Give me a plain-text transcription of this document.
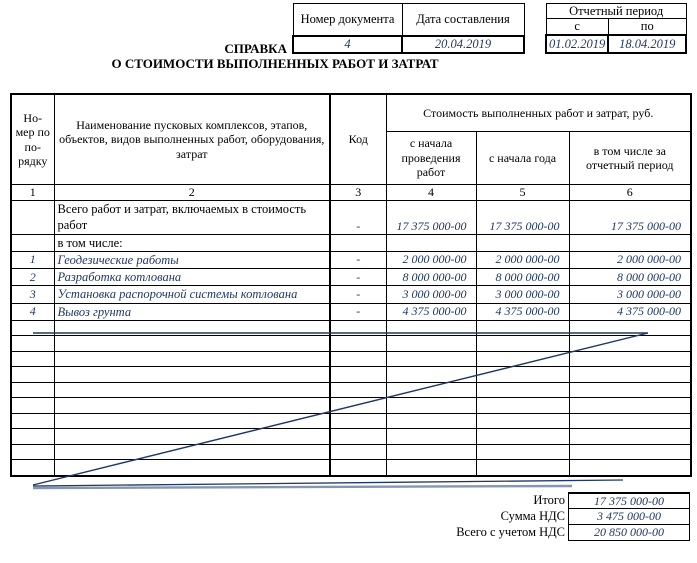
Номер документа	Дата составления
4	20.04.2019
Отчетный период	
с	по
01.02.2019	18.04.2019
СПРАВКА
О СТОИМОСТИ ВЫПОЛНЕННЫХ РАБОТ И ЗАТРАТ
Но-мер по по-рядку	Наименование пусковых комплексов, этапов, объектов, видов выполненных работ, оборудования, затрат	Код	Стоимость выполненных работ и затрат, руб.		
			с начала проведения работ	с начала года	в том числе за отчетный период
1	2	3	4	5	6
	Всего работ и затрат, включаемых в стоимость работ	-	17 375 000-00	17 375 000-00	17 375 000-00
	в том числе:				
1	Геодезические работы	-	2 000 000-00	2 000 000-00	2 000 000-00
2	Разработка котлована	-	8 000 000-00	8 000 000-00	8 000 000-00
3	Установка распорочной системы котлована	-	3 000 000-00	3 000 000-00	3 000 000-00
4	Вывоз грунта	-	4 375 000-00	4 375 000-00	4 375 000-00

Итого	17 375 000-00
Сумма НДС	3 475 000-00
Всего с учетом НДС	20 850 000-00
